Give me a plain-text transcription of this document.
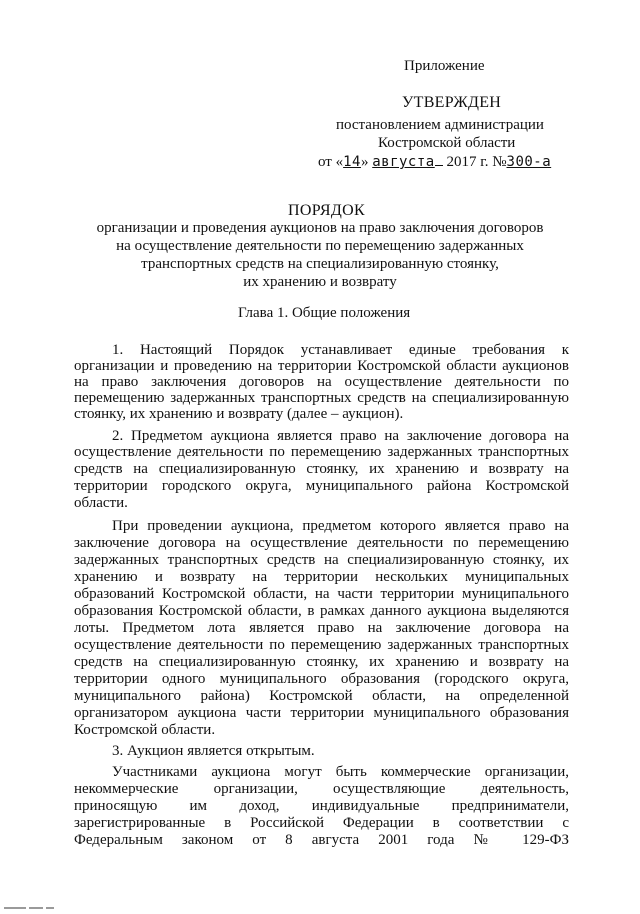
Приложение
УТВЕРЖДЕН
постановлением администрации
Костромской области
от «14» августа 2017 г. №300-а
ПОРЯДОК
организации и проведения аукционов на право заключения договоров
на осуществление деятельности по перемещению задержанных
транспортных средств на специализированную стоянку,
их хранению и возврату
Глава 1. Общие положения
1. Настоящий Порядок устанавливает единые требования к
организации и проведению на территории Костромской области аукционов
на право заключения договоров на осуществление деятельности по
перемещению задержанных транспортных средств на специализированную
стоянку, их хранению и возврату (далее – аукцион).
2. Предметом аукциона является право на заключение договора на
осуществление деятельности по перемещению задержанных транспортных
средств на специализированную стоянку, их хранению и возврату на
территории городского округа, муниципального района Костромской
области.
При проведении аукциона, предметом которого является право на
заключение договора на осуществление деятельности по перемещению
задержанных транспортных средств на специализированную стоянку, их
хранению и возврату на территории нескольких муниципальных
образований Костромской области, на части территории муниципального
образования Костромской области, в рамках данного аукциона выделяются
лоты. Предметом лота является право на заключение договора на
осуществление деятельности по перемещению задержанных транспортных
средств на специализированную стоянку, их хранению и возврату на
территории одного муниципального образования (городского округа,
муниципального района) Костромской области, на определенной
организатором аукциона части территории муниципального образования
Костромской области.
3. Аукцион является открытым.
Участниками аукциона могут быть коммерческие организации,
некоммерческие организации, осуществляющие деятельность,
приносящую им доход, индивидуальные предприниматели,
зарегистрированные в Российской Федерации в соответствии с
Федеральным законом от 8 августа 2001 года № 129-ФЗ
